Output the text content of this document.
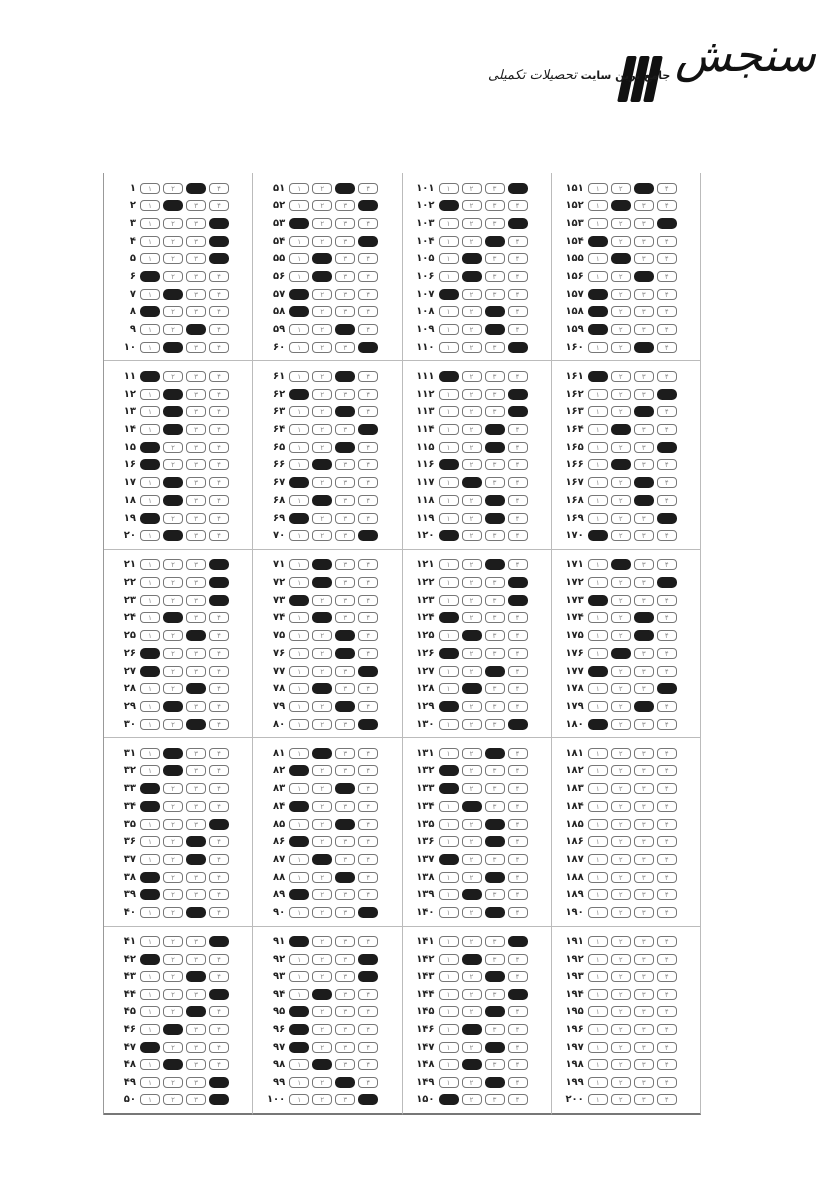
سنجش
جامع ترین سایت تحصیلات تکمیلی
۱	۱	۲	۴
۲	۱	۳	۴
۳	۱	۲	۳
۴	۱	۲	۳
۵	۱	۲	۳
۶	۲	۳	۴
۷	۱	۳	۴
۸	۲	۳	۴
۹	۱	۲	۴
۱۰	۱	۳	۴
۵۱	۱	۲	۴
۵۲	۱	۲	۳
۵۳	۲	۳	۴
۵۴	۱	۲	۳
۵۵	۱	۳	۴
۵۶	۱	۳	۴
۵۷	۲	۳	۴
۵۸	۲	۳	۴
۵۹	۱	۲	۴
۶۰	۱	۲	۳
۱۰۱	۱	۲	۳
۱۰۲	۲	۳	۴
۱۰۳	۱	۲	۳
۱۰۴	۱	۲	۴
۱۰۵	۱	۳	۴
۱۰۶	۱	۳	۴
۱۰۷	۲	۳	۴
۱۰۸	۱	۲	۴
۱۰۹	۱	۲	۴
۱۱۰	۱	۲	۳
۱۵۱	۱	۲	۴
۱۵۲	۱	۳	۴
۱۵۳	۱	۲	۳
۱۵۴	۲	۳	۴
۱۵۵	۱	۳	۴
۱۵۶	۱	۲	۴
۱۵۷	۲	۳	۴
۱۵۸	۲	۳	۴
۱۵۹	۲	۳	۴
۱۶۰	۱	۲	۴
۱۱	۲	۳	۴
۱۲	۱	۳	۴
۱۳	۱	۳	۴
۱۴	۱	۳	۴
۱۵	۲	۳	۴
۱۶	۲	۳	۴
۱۷	۱	۳	۴
۱۸	۱	۳	۴
۱۹	۲	۳	۴
۲۰	۱	۳	۴
۶۱	۱	۲	۴
۶۲	۲	۳	۴
۶۳	۱	۲	۴
۶۴	۱	۲	۳
۶۵	۱	۲	۴
۶۶	۱	۳	۴
۶۷	۲	۳	۴
۶۸	۱	۳	۴
۶۹	۲	۳	۴
۷۰	۱	۲	۳
۱۱۱	۲	۳	۴
۱۱۲	۱	۲	۳
۱۱۳	۱	۲	۳
۱۱۴	۱	۲	۴
۱۱۵	۱	۲	۴
۱۱۶	۲	۳	۴
۱۱۷	۱	۳	۴
۱۱۸	۱	۲	۴
۱۱۹	۱	۲	۴
۱۲۰	۲	۳	۴
۱۶۱	۲	۳	۴
۱۶۲	۱	۲	۳
۱۶۳	۱	۲	۴
۱۶۴	۱	۳	۴
۱۶۵	۱	۲	۳
۱۶۶	۱	۳	۴
۱۶۷	۱	۲	۴
۱۶۸	۱	۲	۴
۱۶۹	۱	۲	۳
۱۷۰	۲	۳	۴
۲۱	۱	۲	۳
۲۲	۱	۲	۳
۲۳	۱	۲	۳
۲۴	۱	۳	۴
۲۵	۱	۲	۴
۲۶	۲	۳	۴
۲۷	۲	۳	۴
۲۸	۱	۲	۴
۲۹	۱	۳	۴
۳۰	۱	۲	۴
۷۱	۱	۳	۴
۷۲	۱	۳	۴
۷۳	۲	۳	۴
۷۴	۱	۳	۴
۷۵	۱	۲	۴
۷۶	۱	۲	۴
۷۷	۱	۲	۳
۷۸	۱	۳	۴
۷۹	۱	۲	۴
۸۰	۱	۲	۳
۱۲۱	۱	۲	۴
۱۲۲	۱	۲	۳
۱۲۳	۱	۲	۳
۱۲۴	۲	۳	۴
۱۲۵	۱	۳	۴
۱۲۶	۲	۳	۴
۱۲۷	۱	۲	۴
۱۲۸	۱	۳	۴
۱۲۹	۲	۳	۴
۱۳۰	۱	۲	۳
۱۷۱	۱	۳	۴
۱۷۲	۱	۲	۳
۱۷۳	۲	۳	۴
۱۷۴	۱	۲	۴
۱۷۵	۱	۲	۴
۱۷۶	۱	۳	۴
۱۷۷	۲	۳	۴
۱۷۸	۱	۲	۳
۱۷۹	۱	۲	۴
۱۸۰	۲	۳	۴
۳۱	۱	۳	۴
۳۲	۱	۳	۴
۳۳	۲	۳	۴
۳۴	۲	۳	۴
۳۵	۱	۲	۳
۳۶	۱	۲	۴
۳۷	۱	۲	۴
۳۸	۲	۳	۴
۳۹	۲	۳	۴
۴۰	۱	۲	۴
۸۱	۱	۳	۴
۸۲	۲	۳	۴
۸۳	۱	۲	۴
۸۴	۲	۳	۴
۸۵	۱	۲	۴
۸۶	۲	۳	۴
۸۷	۱	۳	۴
۸۸	۱	۲	۴
۸۹	۲	۳	۴
۹۰	۱	۲	۳
۱۳۱	۱	۲	۴
۱۳۲	۲	۳	۴
۱۳۳	۲	۳	۴
۱۳۴	۱	۳	۴
۱۳۵	۱	۲	۴
۱۳۶	۱	۲	۴
۱۳۷	۲	۳	۴
۱۳۸	۱	۲	۴
۱۳۹	۱	۳	۴
۱۴۰	۱	۲	۴
۱۸۱	۱	۲	۳	۴
۱۸۲	۱	۲	۳	۴
۱۸۳	۱	۲	۳	۴
۱۸۴	۱	۲	۳	۴
۱۸۵	۱	۲	۳	۴
۱۸۶	۱	۲	۳	۴
۱۸۷	۱	۲	۳	۴
۱۸۸	۱	۲	۳	۴
۱۸۹	۱	۲	۳	۴
۱۹۰	۱	۲	۳	۴
۴۱	۱	۲	۳
۴۲	۲	۳	۴
۴۳	۱	۲	۴
۴۴	۱	۲	۳
۴۵	۱	۲	۴
۴۶	۱	۳	۴
۴۷	۲	۳	۴
۴۸	۱	۳	۴
۴۹	۱	۲	۳
۵۰	۱	۲	۳
۹۱	۲	۳	۴
۹۲	۱	۲	۳
۹۳	۱	۲	۳
۹۴	۱	۳	۴
۹۵	۲	۳	۴
۹۶	۲	۳	۴
۹۷	۲	۳	۴
۹۸	۱	۳	۴
۹۹	۱	۲	۴
۱۰۰	۱	۲	۳
۱۴۱	۱	۲	۳
۱۴۲	۱	۳	۴
۱۴۳	۱	۲	۴
۱۴۴	۱	۲	۳
۱۴۵	۱	۲	۴
۱۴۶	۱	۳	۴
۱۴۷	۱	۲	۴
۱۴۸	۱	۳	۴
۱۴۹	۱	۲	۴
۱۵۰	۲	۳	۴
۱۹۱	۱	۲	۳	۴
۱۹۲	۱	۲	۳	۴
۱۹۳	۱	۲	۳	۴
۱۹۴	۱	۲	۳	۴
۱۹۵	۱	۲	۳	۴
۱۹۶	۱	۲	۳	۴
۱۹۷	۱	۲	۳	۴
۱۹۸	۱	۲	۳	۴
۱۹۹	۱	۲	۳	۴
۲۰۰	۱	۲	۳	۴
